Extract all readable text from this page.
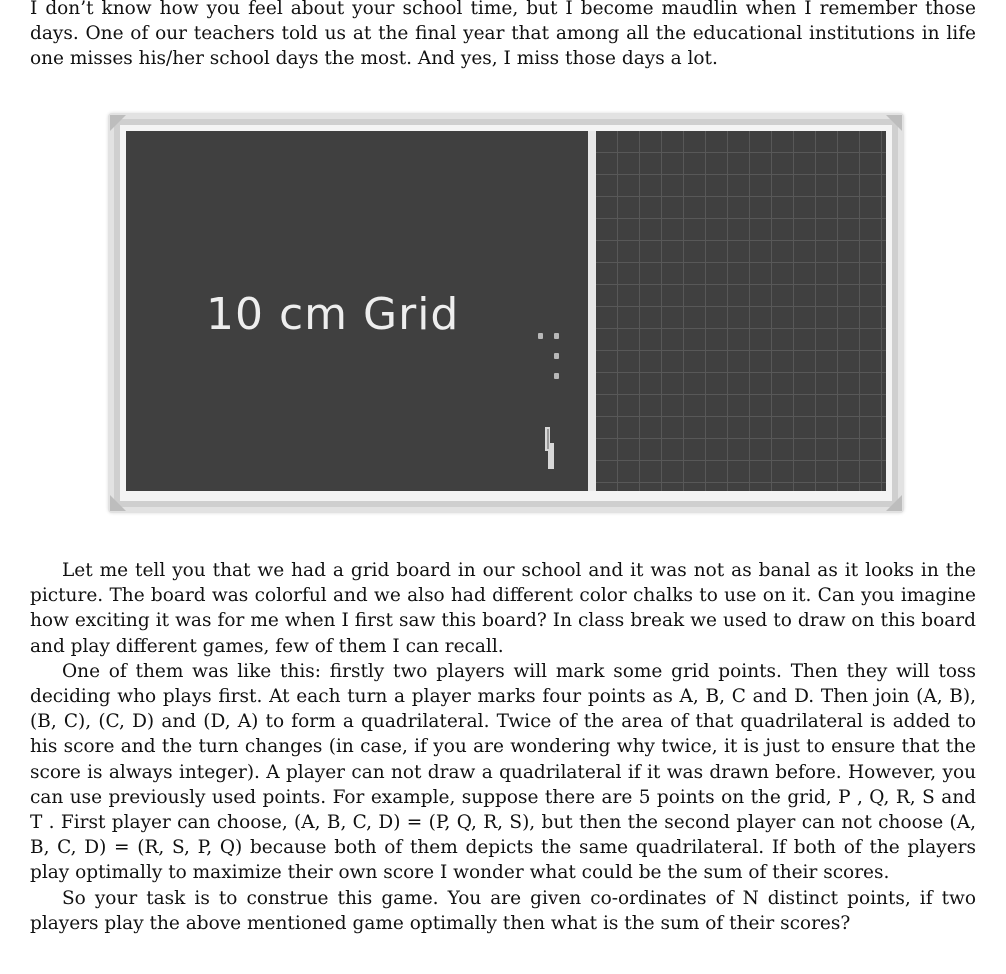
I don’t know how you feel about your school time, but I become maudlin when I remember those days. One of our teachers told us at the final year that among all the educational institutions in life one misses his/her school days the most. And yes, I miss those days a lot.

10 cm Grid

Let me tell you that we had a grid board in our school and it was not as banal as it looks in the picture. The board was colorful and we also had different color chalks to use on it. Can you imagine how exciting it was for me when I first saw this board? In class break we used to draw on this board and play different games, few of them I can recall.

One of them was like this: firstly two players will mark some grid points. Then they will toss deciding who plays first. At each turn a player marks four points as A, B, C and D. Then join (A, B), (B, C), (C, D) and (D, A) to form a quadrilateral. Twice of the area of that quadrilateral is added to his score and the turn changes (in case, if you are wondering why twice, it is just to ensure that the score is always integer). A player can not draw a quadrilateral if it was drawn before. However, you can use previously used points. For example, suppose there are 5 points on the grid, P , Q, R, S and T . First player can choose, (A, B, C, D) = (P, Q, R, S), but then the second player can not choose (A, B, C, D) = (R, S, P, Q) because both of them depicts the same quadrilateral. If both of the players play optimally to maximize their own score I wonder what could be the sum of their scores.

So your task is to construe this game. You are given co-ordinates of N distinct points, if two players play the above mentioned game optimally then what is the sum of their scores?
